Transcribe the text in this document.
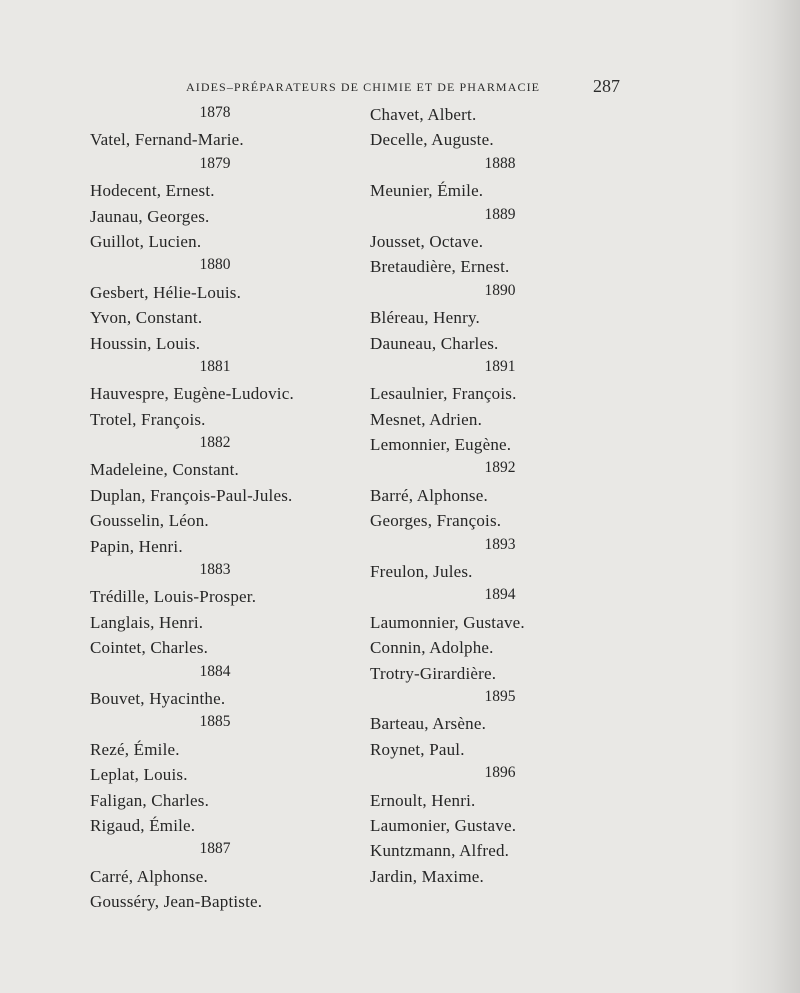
AIDES–PRÉPARATEURS DE CHIMIE ET DE PHARMACIE	287
1878
Vatel, Fernand-Marie.
1879
Hodecent, Ernest.
Jaunau, Georges.
Guillot, Lucien.
1880
Gesbert, Hélie-Louis.
Yvon, Constant.
Houssin, Louis.
1881
Hauvespre, Eugène-Ludovic.
Trotel, François.
1882
Madeleine, Constant.
Duplan, François-Paul-Jules.
Gousselin, Léon.
Papin, Henri.
1883
Trédille, Louis-Prosper.
Langlais, Henri.
Cointet, Charles.
1884
Bouvet, Hyacinthe.
1885
Rezé, Émile.
Leplat, Louis.
Faligan, Charles.
Rigaud, Émile.
1887
Carré, Alphonse.
Gousséry, Jean-Baptiste.
Chavet, Albert.
Decelle, Auguste.
1888
Meunier, Émile.
1889
Jousset, Octave.
Bretaudière, Ernest.
1890
Bléreau, Henry.
Dauneau, Charles.
1891
Lesaulnier, François.
Mesnet, Adrien.
Lemonnier, Eugène.
1892
Barré, Alphonse.
Georges, François.
1893
Freulon, Jules.
1894
Laumonnier, Gustave.
Connin, Adolphe.
Trotry-Girardière.
1895
Barteau, Arsène.
Roynet, Paul.
1896
Ernoult, Henri.
Laumonier, Gustave.
Kuntzmann, Alfred.
Jardin, Maxime.
